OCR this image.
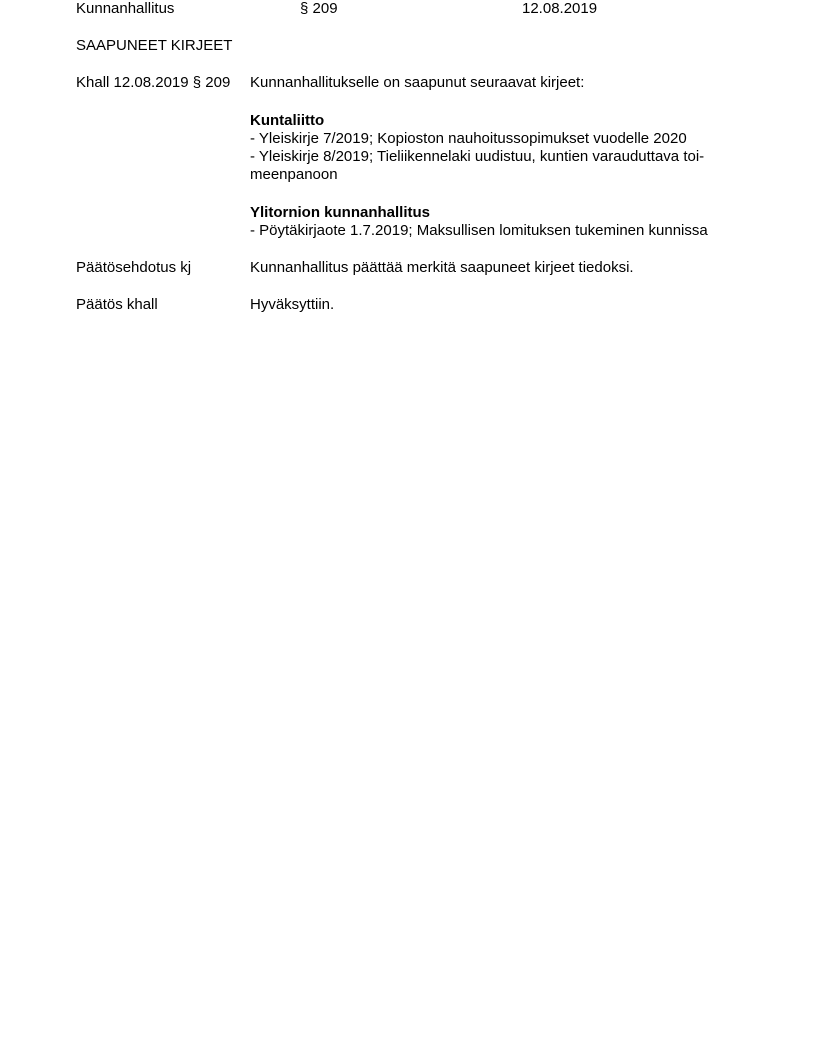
Kunnanhallitus	§ 209	12.08.2019
SAAPUNEET KIRJEET
Khall 12.08.2019 § 209 Kunnanhallitukselle on saapunut seuraavat kirjeet:
Kuntaliitto
- Yleiskirje 7/2019; Kopioston nauhoitussopimukset vuodelle 2020
- Yleiskirje 8/2019; Tieliikennelaki uudistuu, kuntien varauduttava toi-
meenpanoon
Ylitornion kunnanhallitus
- Pöytäkirjaote 1.7.2019; Maksullisen lomituksen tukeminen kunnissa
Päätösehdotus kj	Kunnanhallitus päättää merkitä saapuneet kirjeet tiedoksi.
Päätös khall	Hyväksyttiin.
